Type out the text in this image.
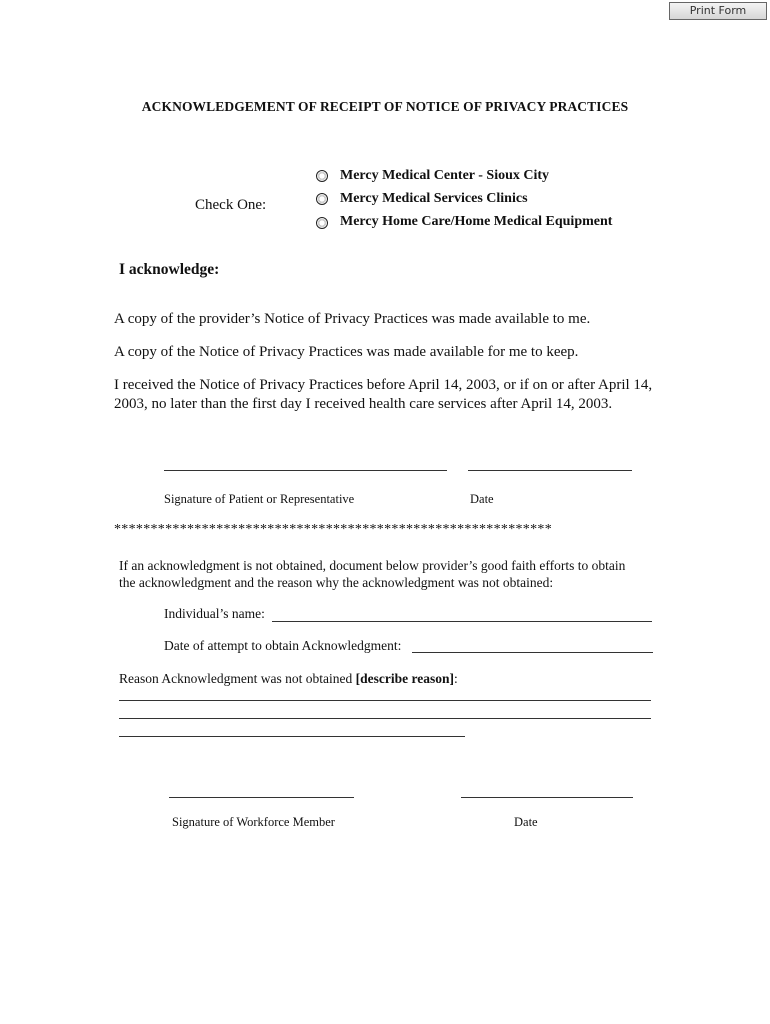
Print Form
ACKNOWLEDGEMENT OF RECEIPT OF NOTICE OF PRIVACY PRACTICES
Check One:
Mercy Medical Center - Sioux City
Mercy Medical Services Clinics
Mercy Home Care/Home Medical Equipment
I acknowledge:
A copy of the provider’s Notice of Privacy Practices was made available to me.
A copy of the Notice of Privacy Practices was made available for me to keep.
I received the Notice of Privacy Practices before April 14, 2003, or if on or after April 14,
2003, no later than the first day I received health care services after April 14, 2003.
Signature of Patient or Representative	Date
************************************************************
If an acknowledgment is not obtained, document below provider’s good faith efforts to obtain
the acknowledgment and the reason why the acknowledgment was not obtained:
Individual’s name:
Date of attempt to obtain Acknowledgment:
Reason Acknowledgment was not obtained [describe reason]:
Signature of Workforce Member	Date
